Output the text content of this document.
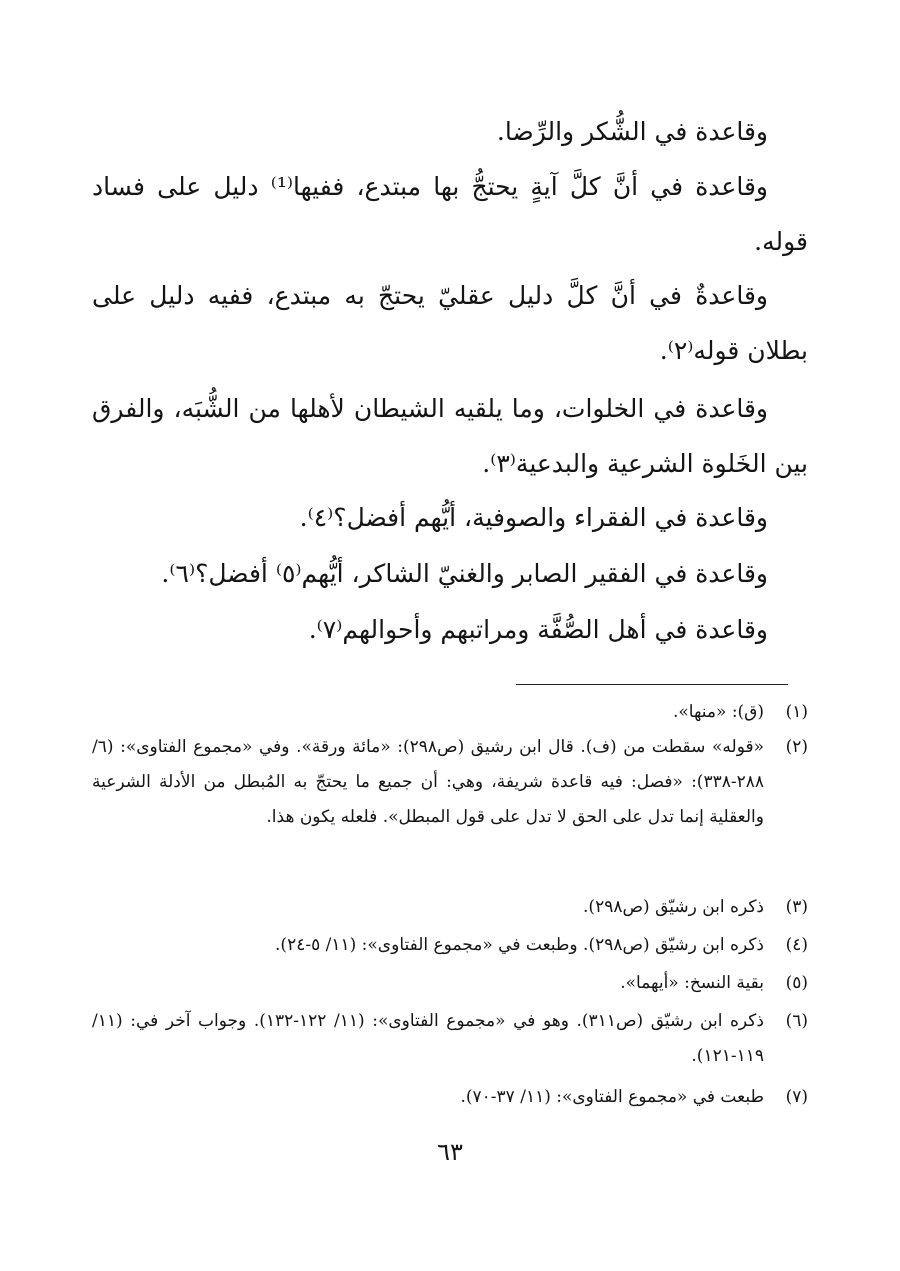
وقاعدة في الشُّكر والرِّضا.

وقاعدة في أنَّ كلَّ آيةٍ يحتجُّ بها مبتدع، ففيها⁽¹⁾ دليل على فساد قوله.

وقاعدةٌ في أنَّ كلَّ دليل عقليّ يحتجّ به مبتدع، ففيه دليل على بطلان قوله⁽٢⁾.

وقاعدة في الخلوات، وما يلقيه الشيطان لأهلها من الشُّبَه، والفرق بين الخَلوة الشرعية والبدعية⁽٣⁾.

وقاعدة في الفقراء والصوفية، أيُّهم أفضل؟⁽٤⁾.

وقاعدة في الفقير الصابر والغنيّ الشاكر، أيُّهم⁽٥⁾ أفضل؟⁽٦⁾.

وقاعدة في أهل الصُّفَّة ومراتبهم وأحوالهم⁽٧⁾.

(١)
(ق): «منها».
(٢)
«قوله» سقطت من (ف). قال ابن رشيق (ص٢٩٨): «مائة ورقة». وفي «مجموع الفتاوى»: (٦/ ٢٨٨-٣٣٨): «فصل: فيه قاعدة شريفة، وهي: أن جميع ما يحتجّ به المُبطل من الأدلة الشرعية والعقلية إنما تدل على الحق لا تدل على قول المبطل». فلعله يكون هذا.
(٣)
ذكره ابن رشيّق (ص٢٩٨).
(٤)
ذكره ابن رشيّق (ص٢٩٨). وطبعت في «مجموع الفتاوى»: (١١/ ٥-٢٤).
(٥)
بقية النسخ: «أيهما».
(٦)
ذكره ابن رشيّق (ص٣١١). وهو في «مجموع الفتاوى»: (١١/ ١٢٢-١٣٢). وجواب آخر في: (١١/ ١١٩-١٢١).
(٧)
طبعت في «مجموع الفتاوى»: (١١/ ٣٧-٧٠).
٦٣
